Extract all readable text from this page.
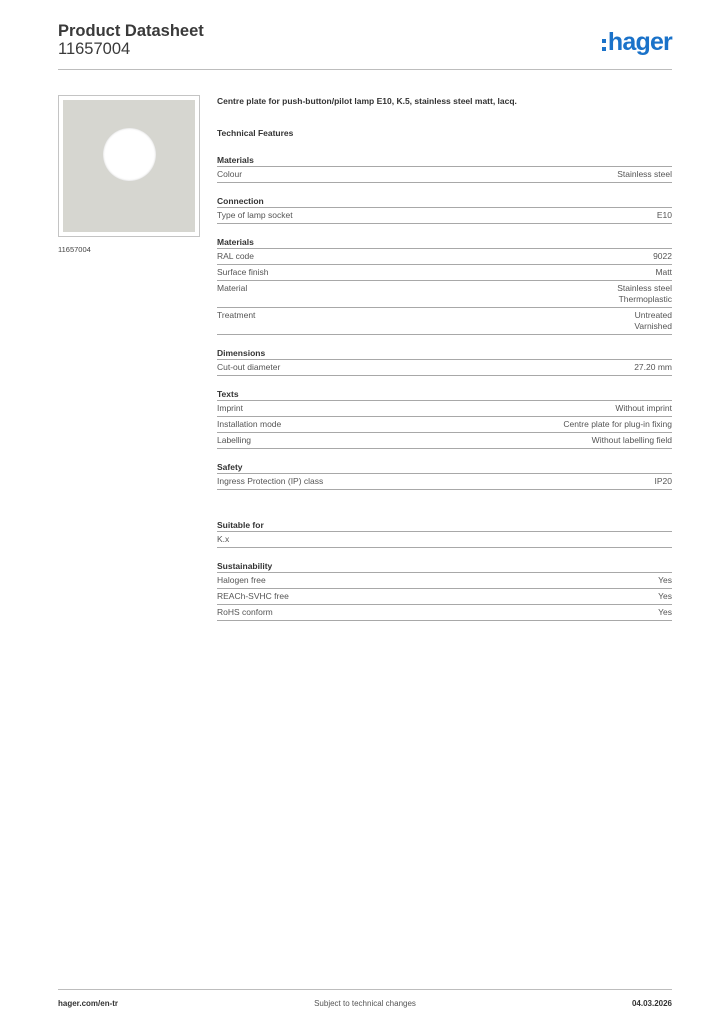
Product Datasheet
11657004	hager
11657004
Centre plate for push-button/pilot lamp E10, K.5, stainless steel matt, lacq.
Technical Features
Materials
Colour	Stainless steel
Connection
Type of lamp socket	E10
Materials
RAL code	9022
Surface finish	Matt
Material	Stainless steel
Thermoplastic
Treatment	Untreated
Varnished
Dimensions
Cut-out diameter	27.20 mm
Texts
Imprint	Without imprint
Installation mode	Centre plate for plug-in fixing
Labelling	Without labelling field
Safety
Ingress Protection (IP) class	IP20
Suitable for
K.x
Sustainability
Halogen free	Yes
REACh-SVHC free	Yes
RoHS conform	Yes
hager.com/en-tr	Subject to technical changes	04.03.2026
